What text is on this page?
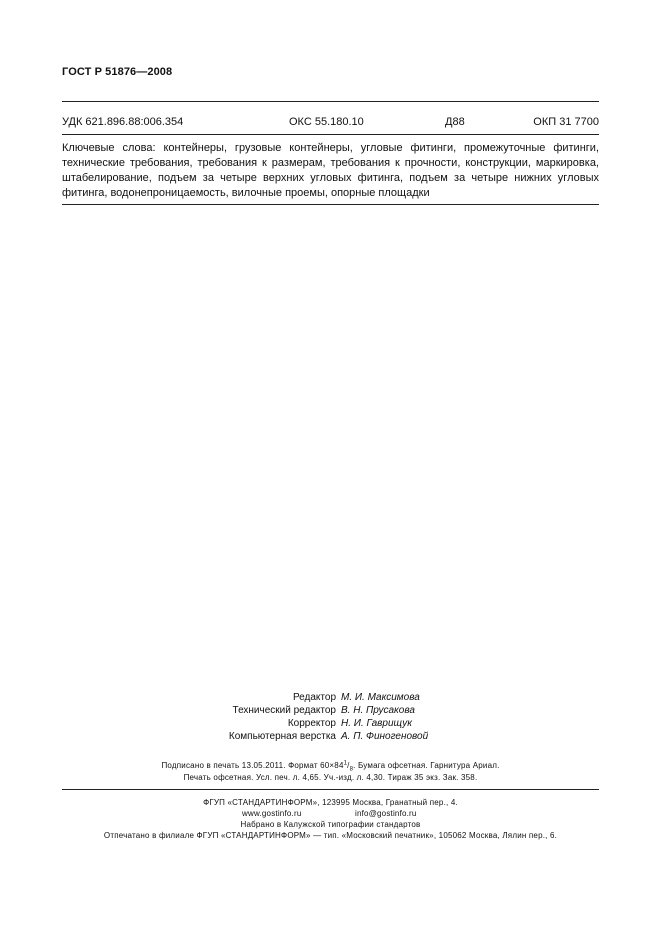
ГОСТ Р 51876—2008
УДК 621.896.88:006.354	ОКС 55.180.10	Д88	ОКП 31 7700
Ключевые слова: контейнеры, грузовые контейнеры, угловые фитинги, промежуточные фитинги, технические требования, требования к размерам, требования к прочности, конструкции, маркировка, штабелирование, подъем за четыре верхних угловых фитинга, подъем за четыре нижних угловых фитинга, водонепроницаемость, вилочные проемы, опорные площадки
Редактор М. И. Максимова
Технический редактор В. Н. Прусакова
Корректор Н. И. Гаврищук
Компьютерная верстка А. П. Финогеновой
Подписано в печать 13.05.2011. Формат $60\times 84^1/_8$. Бумага офсетная. Гарнитура Ариал.
Печать офсетная. Усл. печ. л. 4,65. Уч.-изд. л. 4,30. Тираж 35 экз. Зак. 358.
ФГУП «СТАНДАРТИНФОРМ», 123995 Москва, Гранатный пер., 4.
www.gostinfo.ru	info@gostinfo.ru
Набрано в Калужской типографии стандартов
Отпечатано в филиале ФГУП «СТАНДАРТИНФОРМ» — тип. «Московский печатник», 105062 Москва, Лялин пер., 6.
